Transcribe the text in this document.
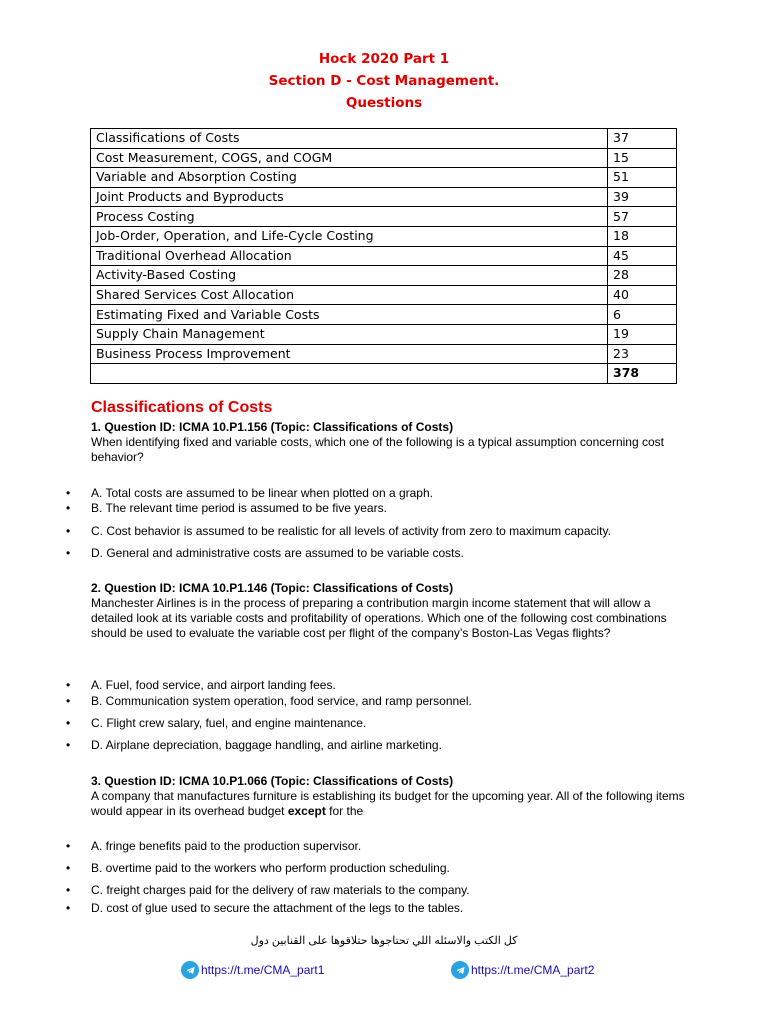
Hock 2020 Part 1
Section D - Cost Management.
Questions
Classifications of Costs	37
Cost Measurement, COGS, and COGM	15
Variable and Absorption Costing	51
Joint Products and Byproducts	39
Process Costing	57
Job-Order, Operation, and Life-Cycle Costing	18
Traditional Overhead Allocation	45
Activity-Based Costing	28
Shared Services Cost Allocation	40
Estimating Fixed and Variable Costs	6
Supply Chain Management	19
Business Process Improvement	23
	378
Classifications of Costs
1. Question ID: ICMA 10.P1.156 (Topic: Classifications of Costs)

When identifying fixed and variable costs, which one of the following is a typical assumption concerning cost behavior?

• A. Total costs are assumed to be linear when plotted on a graph.
• B. The relevant time period is assumed to be five years.
• C. Cost behavior is assumed to be realistic for all levels of activity from zero to maximum capacity.
• D. General and administrative costs are assumed to be variable costs.
2. Question ID: ICMA 10.P1.146 (Topic: Classifications of Costs)

Manchester Airlines is in the process of preparing a contribution margin income statement that will allow a detailed look at its variable costs and profitability of operations. Which one of the following cost combinations should be used to evaluate the variable cost per flight of the company’s Boston-Las Vegas flights?

• A. Fuel, food service, and airport landing fees.
• B. Communication system operation, food service, and ramp personnel.
• C. Flight crew salary, fuel, and engine maintenance.
• D. Airplane depreciation, baggage handling, and airline marketing.
3. Question ID: ICMA 10.P1.066 (Topic: Classifications of Costs)

A company that manufactures furniture is establishing its budget for the upcoming year. All of the following items would appear in its overhead budget except for the

• A. fringe benefits paid to the production supervisor.
• B. overtime paid to the workers who perform production scheduling.
• C. freight charges paid for the delivery of raw materials to the company.
• D. cost of glue used to secure the attachment of the legs to the tables.
كل الكتب والاسئله اللي تحتاجوها حتلاقوها على القنابين دول
https://t.me/CMA_part1	https://t.me/CMA_part2
